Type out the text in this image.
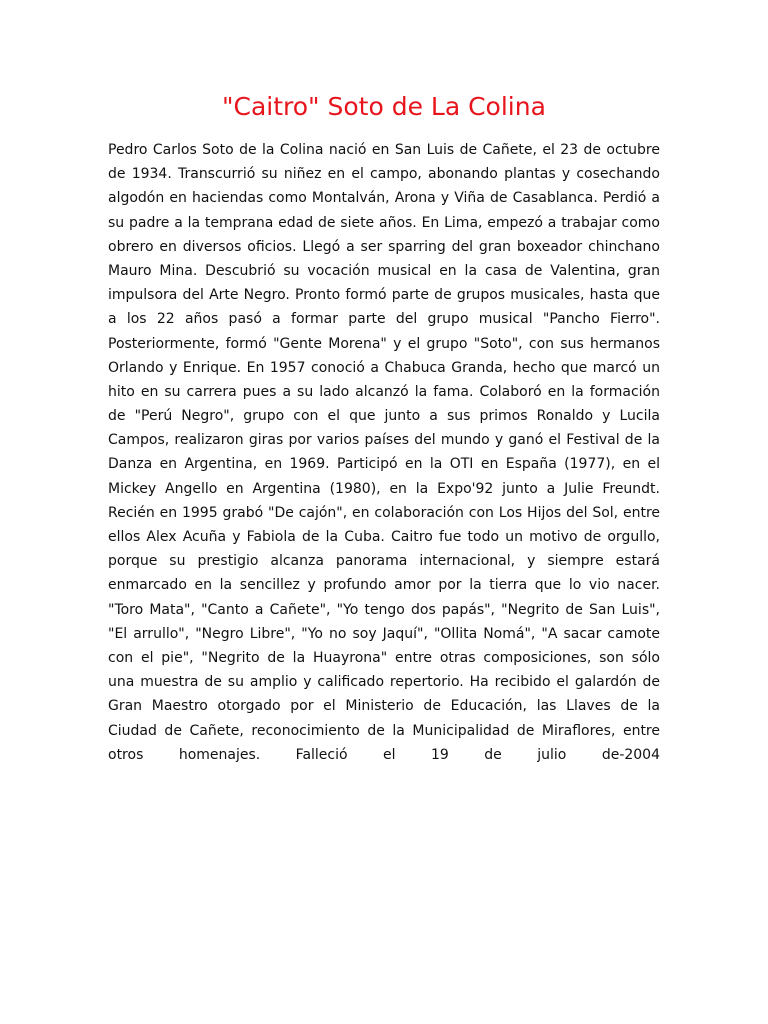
"Caitro" Soto de La Colina
Pedro Carlos Soto de la Colina nació en San Luis de Cañete, el 23 de octubre
de 1934. Transcurrió su niñez en el campo, abonando plantas y cosechando
algodón en haciendas como Montalván, Arona y Viña de Casablanca. Perdió a
su padre a la temprana edad de siete años. En Lima, empezó a trabajar como
obrero en diversos oficios. Llegó a ser sparring del gran boxeador chinchano
Mauro Mina. Descubrió su vocación musical en la casa de Valentina, gran
impulsora del Arte Negro. Pronto formó parte de grupos musicales, hasta que
a los 22 años pasó a formar parte del grupo musical "Pancho Fierro".
Posteriormente, formó "Gente Morena" y el grupo "Soto", con sus hermanos
Orlando y Enrique. En 1957 conoció a Chabuca Granda, hecho que marcó un
hito en su carrera pues a su lado alcanzó la fama. Colaboró en la formación
de "Perú Negro", grupo con el que junto a sus primos Ronaldo y Lucila
Campos, realizaron giras por varios países del mundo y ganó el Festival de la
Danza en Argentina, en 1969. Participó en la OTI en España (1977), en el
Mickey Angello en Argentina (1980), en la Expo'92 junto a Julie Freundt.
Recién en 1995 grabó "De cajón", en colaboración con Los Hijos del Sol, entre
ellos Alex Acuña y Fabiola de la Cuba. Caitro fue todo un motivo de orgullo,
porque su prestigio alcanza panorama internacional, y siempre estará
enmarcado en la sencillez y profundo amor por la tierra que lo vio nacer.
"Toro Mata", "Canto a Cañete", "Yo tengo dos papás", "Negrito de San Luis",
"El arrullo", "Negro Libre", "Yo no soy Jaquí", "Ollita Nomá", "A sacar camote
con el pie", "Negrito de la Huayrona" entre otras composiciones, son sólo
una muestra de su amplio y calificado repertorio. Ha recibido el galardón de
Gran Maestro otorgado por el Ministerio de Educación, las Llaves de la
Ciudad de Cañete, reconocimiento de la Municipalidad de Miraflores, entre
otros homenajes. Falleció el 19 de julio de-2004
